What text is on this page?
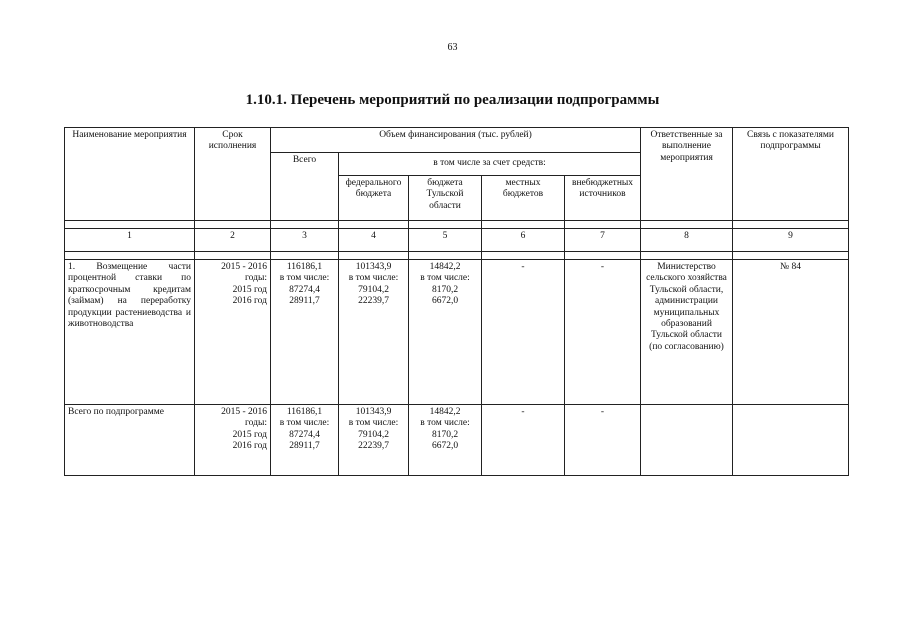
63
1.10.1. Перечень мероприятий по реализации подпрограммы
Наименование мероприятия	Срок исполнения	Объем финансирования (тыс. рублей)					Ответственные за выполнение мероприятия	Связь с показателями подпрограммы
		Всего	в том числе за счет средств:					
			федерального бюджета	бюджета Тульской области	местных бюджетов	внебюджетных источников		

1	2	3	4	5	6	7	8	9

1. Возмещение части процентной ставки по краткосрочным кредитам (займам) на переработку продукции растениеводства и животноводства	2015 - 2016
годы:
2015 год
2016 год	116186,1
в том числе:
87274,4
28911,7	101343,9
в том числе:
79104,2
22239,7	14842,2
в том числе:
8170,2
6672,0	-	-	Министерство сельского хозяйства Тульской области, администрации муниципальных образований Тульской области (по согласованию)	№ 84
Всего по подпрограмме	2015 - 2016
годы:
2015 год
2016 год	116186,1
в том числе:
87274,4
28911,7	101343,9
в том числе:
79104,2
22239,7	14842,2
в том числе:
8170,2
6672,0	-	-		
